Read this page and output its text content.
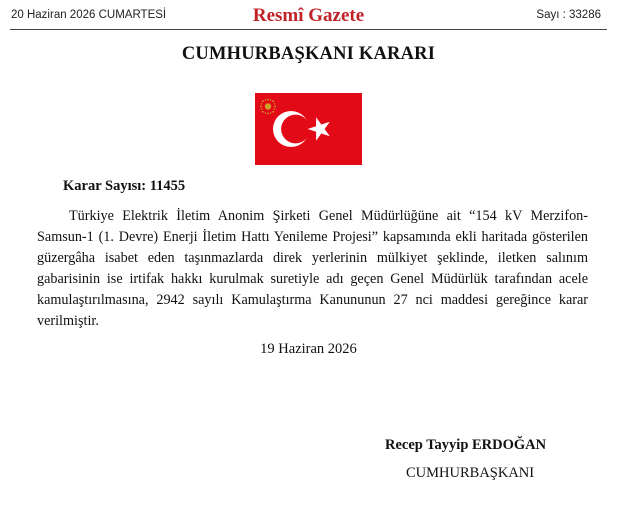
20 Haziran 2026 CUMARTESİ	Resmî Gazete	Sayı : 33286
CUMHURBAŞKANI KARARI
Karar Sayısı: 11455

Türkiye Elektrik İletim Anonim Şirketi Genel Müdürlüğüne ait “154 kV Merzifon-Samsun-1 (1. Devre) Enerji İletim Hattı Yenileme Projesi” kapsamında ekli haritada gösterilen güzergâha isabet eden taşınmazlarda direk yerlerinin mülkiyet şeklinde, iletken salınım gabarisinin ise irtifak hakkı kurulmak suretiyle adı geçen Genel Müdürlük tarafından acele kamulaştırılmasına, 2942 sayılı Kamulaştırma Kanununun 27 nci maddesi gereğince karar verilmiştir.

19 Haziran 2026
Recep Tayyip ERDOĞAN
CUMHURBAŞKANI
